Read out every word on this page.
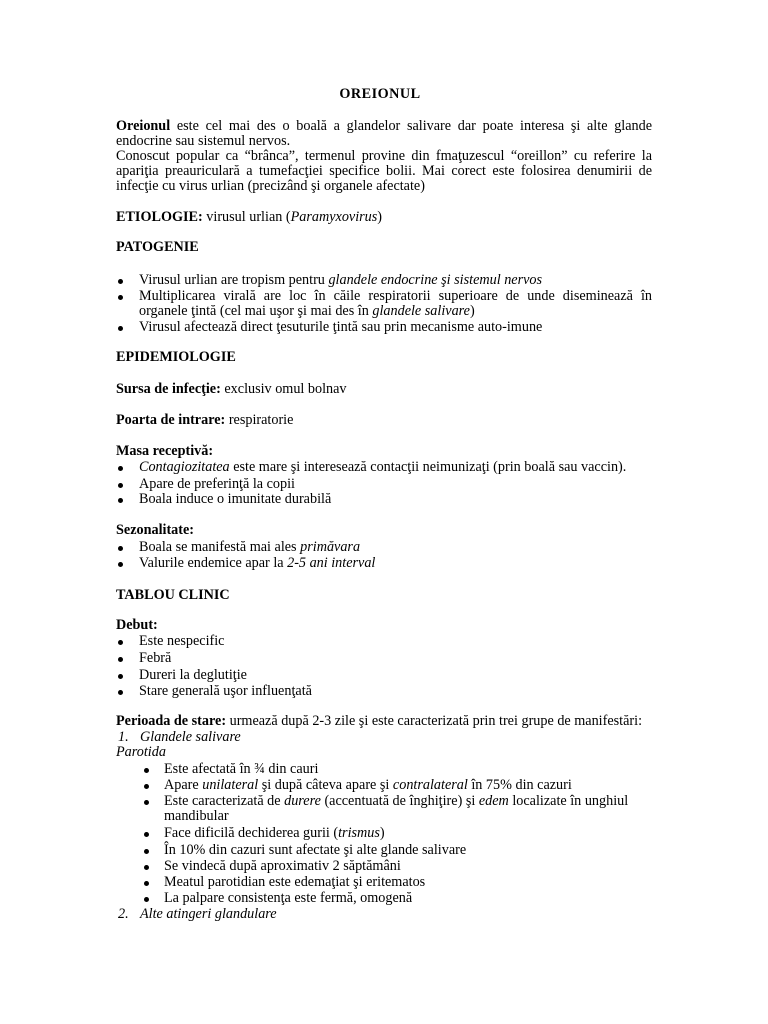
OREIONUL
Oreionul este cel mai des o boală a glandelor salivare dar poate interesa şi alte glande
endocrine sau sistemul nervos.
Conoscut popular ca “brânca”, termenul provine din fmaţuzescul “oreillon” cu referire la
apariţia preauriculară a tumefacţiei specifice bolii. Mai corect este folosirea denumirii de
infecţie cu virus urlian (precizând şi organele afectate)
ETIOLOGIE: virusul urlian (Paramyxovirus)
PATOGENIE
Virusul urlian are tropism pentru glandele endocrine şi sistemul nervos
Multiplicarea virală are loc în căile respiratorii superioare de unde diseminează în
organele ţintă (cel mai uşor şi mai des în glandele salivare)
Virusul afectează direct ţesuturile ţintă sau prin mecanisme auto-imune
EPIDEMIOLOGIE
Sursa de infecţie: exclusiv omul bolnav
Poarta de intrare: respiratorie
Masa receptivă:
Contagiozitatea este mare şi interesează contacţii neimunizaţi (prin boală sau vaccin).
Apare de preferinţă la copii
Boala induce o imunitate durabilă
Sezonalitate:
Boala se manifestă mai ales primăvara
Valurile endemice apar la 2-5 ani interval
TABLOU CLINIC
Debut:
Este nespecific
Febră
Dureri la deglutiţie
Stare generală uşor influenţată
Perioada de stare: urmează după 2-3 zile şi este caracterizată prin trei grupe de manifestări:
1. Glandele salivare
Parotida
Este afectată în ¾ din cauri
Apare unilateral şi după câteva apare şi contralateral în 75% din cazuri
Este caracterizată de durere (accentuată de înghiţire) şi edem localizate în unghiul
mandibular
Face dificilă dechiderea gurii (trismus)
În 10% din cazuri sunt afectate şi alte glande salivare
Se vindecă după aproximativ 2 săptămâni
Meatul parotidian este edemaţiat şi eritematos
La palpare consistenţa este fermă, omogenă
2. Alte atingeri glandulare
